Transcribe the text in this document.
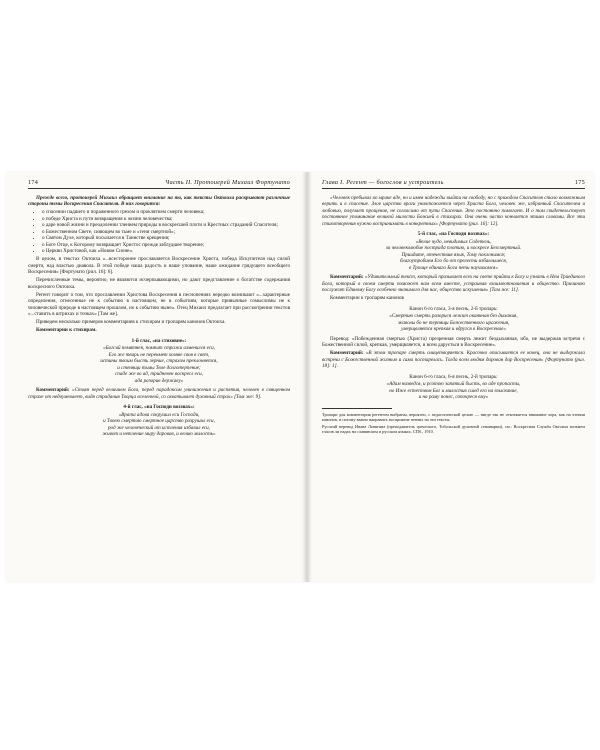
174	Часть II. Протоиерей Михаил Фортунато

Прежде всего, протоиерей Михаил обращает внимание на то, как тексты Октоиха раскрывают различные стороны темы Воскресения Спасителя. В них говорится:

• о спасении падшего и пораженного грехом и проклятием смерти человека;
• о победе Христа и пути возвращения к жизни человечества;
• о дарe новой жизни и преодолении тлением природы в воскресшей плоти и Крестных страданий Спасителя;
• о Божественном Свете, сияющем во тьме и «тени смертной»;
• о Святом Духе, который посылается в Таинстве крещения;
• о Боге Отце, к Которому возвращает Христос прежде заблудшее творение;
• о Церкви Христовой, как «Новом Сионе».

В целом, в текстах Октоиха «...всесторонне прославляется Воскресение Христа, победа Искупителя над силой смерти, над властью диавола. В этой победе наша радость и наше упование, наше ожидание грядущего всеобщего Воскресения» [Фортунато (рил. 16]: 6].

Перечисленные темы, вероятно, не являются исчерпывающими, но дают представление о богатстве содержания воскресного Октоиха.

Регент говорит о том, что прославлении Христова Воскресения в песнопениях нередко возникают «...характерные определения, отнесенные не к событию в настоящем, не в событиям, которые привычные сомыслимы не к человеческой природе в настоящем прошлом, но к событию ныне». Отец Михаил предлагает при рассмотрении текстов «...ставить в штрихах и точках» [Там же].

Приведем несколько примеров комментариев к стихирам и тропарям канонов Октоиха.

Комментарии к стихирам.

1-й глас, «на стиховне»:

«Богсий пемятнен, помпит стражи изменился еси,
Его же тварь не перенмет хозяве своя в свет,
истины твоим бысть зерние, страхом преклоняется,
и стенящи тьмы Твое долготерпение;
спаде же во ад, тридневен воскресл еси,
ада разорив державу»

Комментарий: «Стоян перед величием Бога, перед парадоксом уничижения и распятия, человек в священном страхе от недоумеваеет, видя страдания Творца вселенной, со охватывает духовный страх» [Там же: 9].

4-й глас, «на Господи воззвах»:

«Врата адова сокрушил еси Господи,
и Твоею смертию смертное царство разрушил еси,
род же человеческий от истления избавил еси,
живот и нетление миру даровав, и велию милость»
Глава I. Регент — богослов и устроитель	175

«Человек пребывал во мраке аде, но и имея надежды выйти на свободу, но с приходом Спасителя стало возможным верить и в спасение. Злое царство враги уничтожается через Христа Бога, человек же, избранный Спасителем и любовью, получает прощение, не согласимо от пути Спасения. Это постоянно помогает. И о том свидетельствует постоянное упоминание великой милости Божией в стихирах. Она очень часто кончается этими словами. Все эти стихотворения нужно воспринимать в конкретных» [Фортунато (рил. 16]: 12].

5-й глас, «на Господи воззвах»:

«Велие чудо, невидимых Содетель,
за человеколюбие пострада плотию, и воскресе Безсмертный.
Приидите, отечествия язык, Тому поклонимся;
благоутробием Его бо от прелести избавльшеся,
в Троице единаго Бога пети научихомся»

Комментарий: «Удивительный текст, который призывает всех на свете прийти к Богу и узнать в Нем Триединого Бога, который в своем смерти поможет нам всем вместе, устраивая взаимоотношения и общество. Причиною послужит Единому Богу особенно значимого для нас, общество искушения» [Там же: 11].

Комментарии к тропарям канонов

Канон 6-го гласа, 3-я песнь, 2-й тропарь:

«Смертию смерть разорися лежит окаянная без дыхания,
жаволы бо не терпящи Божественного иражения,
умерщвляется крепкая и вдругся в Воскресение»

Перевод: «Побежденная смертью (Христа) презренная смерть лежит бездыханная, ибо, не выдержав встречи с Божественной силой, крепкая, умерщвляется, и всем дарується в Воскресение».

Комментарий: «В этом тропаре смерть олицетворяется. Красочно описывается ее конец, она не выдержала встречи с Божественной жизнью и сама постарелась. Тогда всем людям дарован дар Воскресения» [Фортунато (рил. 18]: 1].

Канон 6-го гласа, 6-я песнь, 2-й тропарь:

«Адам низведся, и рсотою запятый бысть, во аде пропасты,
но Иже естеством Бог и милостив сшед его на взыскание,
и на раму понес, сопокреся ему»

Тропари для комментария регентом выбраны, вероятно, с педагогической целью — нигде так не отвлекается внимание хора, как на чтении канонов, и потому важно направить восприятие певчих на эти тексты.

Русский перевод Ивана Ловягина (преподаватель греческого, Тобольской духовной семинарии), см.: Воскресная Служба Октоиха возьмем гласов ли надах на славянском и русском языках. СПб., 1910.
